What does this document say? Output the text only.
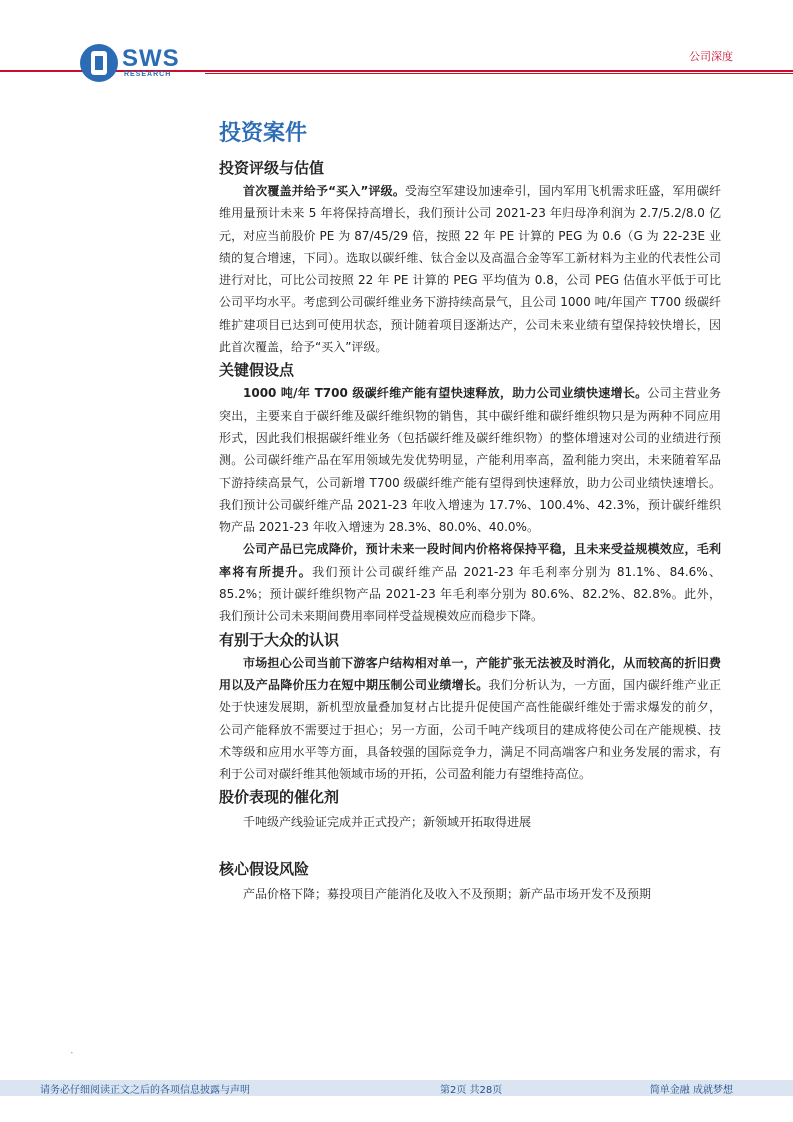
SWS
RESEARCH
公司深度
投资案件
投资评级与估值

首次覆盖并给予“买入”评级。受海空军建设加速牵引，国内军用飞机需求旺盛，军用碳纤维用量预计未来 5 年将保持高增长，我们预计公司 2021-23 年归母净利润为 2.7/5.2/8.0 亿元，对应当前股价 PE 为 87/45/29 倍，按照 22 年 PE 计算的 PEG 为 0.6（G 为 22-23E 业绩的复合增速，下同）。选取以碳纤维、钛合金以及高温合金等军工新材料为主业的代表性公司进行对比，可比公司按照 22 年 PE 计算的 PEG 平均值为 0.8，公司 PEG 估值水平低于可比公司平均水平。考虑到公司碳纤维业务下游持续高景气，且公司 1000 吨/年国产 T700 级碳纤维扩建项目已达到可使用状态，预计随着项目逐渐达产，公司未来业绩有望保持较快增长，因此首次覆盖，给予“买入”评级。

关键假设点

1000 吨/年 T700 级碳纤维产能有望快速释放，助力公司业绩快速增长。公司主营业务突出，主要来自于碳纤维及碳纤维织物的销售，其中碳纤维和碳纤维织物只是为两种不同应用形式，因此我们根据碳纤维业务（包括碳纤维及碳纤维织物）的整体增速对公司的业绩进行预测。公司碳纤维产品在军用领域先发优势明显，产能利用率高，盈利能力突出，未来随着军品下游持续高景气，公司新增 T700 级碳纤维产能有望得到快速释放，助力公司业绩快速增长。我们预计公司碳纤维产品 2021-23 年收入增速为 17.7%、100.4%、42.3%，预计碳纤维织物产品 2021-23 年收入增速为 28.3%、80.0%、40.0%。

公司产品已完成降价，预计未来一段时间内价格将保持平稳，且未来受益规模效应，毛利率将有所提升。我们预计公司碳纤维产品 2021-23 年毛利率分别为 81.1%、84.6%、85.2%；预计碳纤维织物产品 2021-23 年毛利率分别为 80.6%、82.2%、82.8%。此外，我们预计公司未来期间费用率同样受益规模效应而稳步下降。

有别于大众的认识

市场担心公司当前下游客户结构相对单一，产能扩张无法被及时消化，从而较高的折旧费用以及产品降价压力在短中期压制公司业绩增长。我们分析认为，一方面，国内碳纤维产业正处于快速发展期，新机型放量叠加复材占比提升促使国产高性能碳纤维处于需求爆发的前夕，公司产能释放不需要过于担心；另一方面，公司千吨产线项目的建成将使公司在产能规模、技术等级和应用水平等方面，具备较强的国际竞争力，满足不同高端客户和业务发展的需求，有利于公司对碳纤维其他领域市场的开拓，公司盈利能力有望维持高位。

股价表现的催化剂

千吨级产线验证完成并正式投产；新领域开拓取得进展

核心假设风险

产品价格下降；募投项目产能消化及收入不及预期；新产品市场开发不及预期

•
请务必仔细阅读正文之后的各项信息披露与声明	第2页 共28页	简单金融 成就梦想
